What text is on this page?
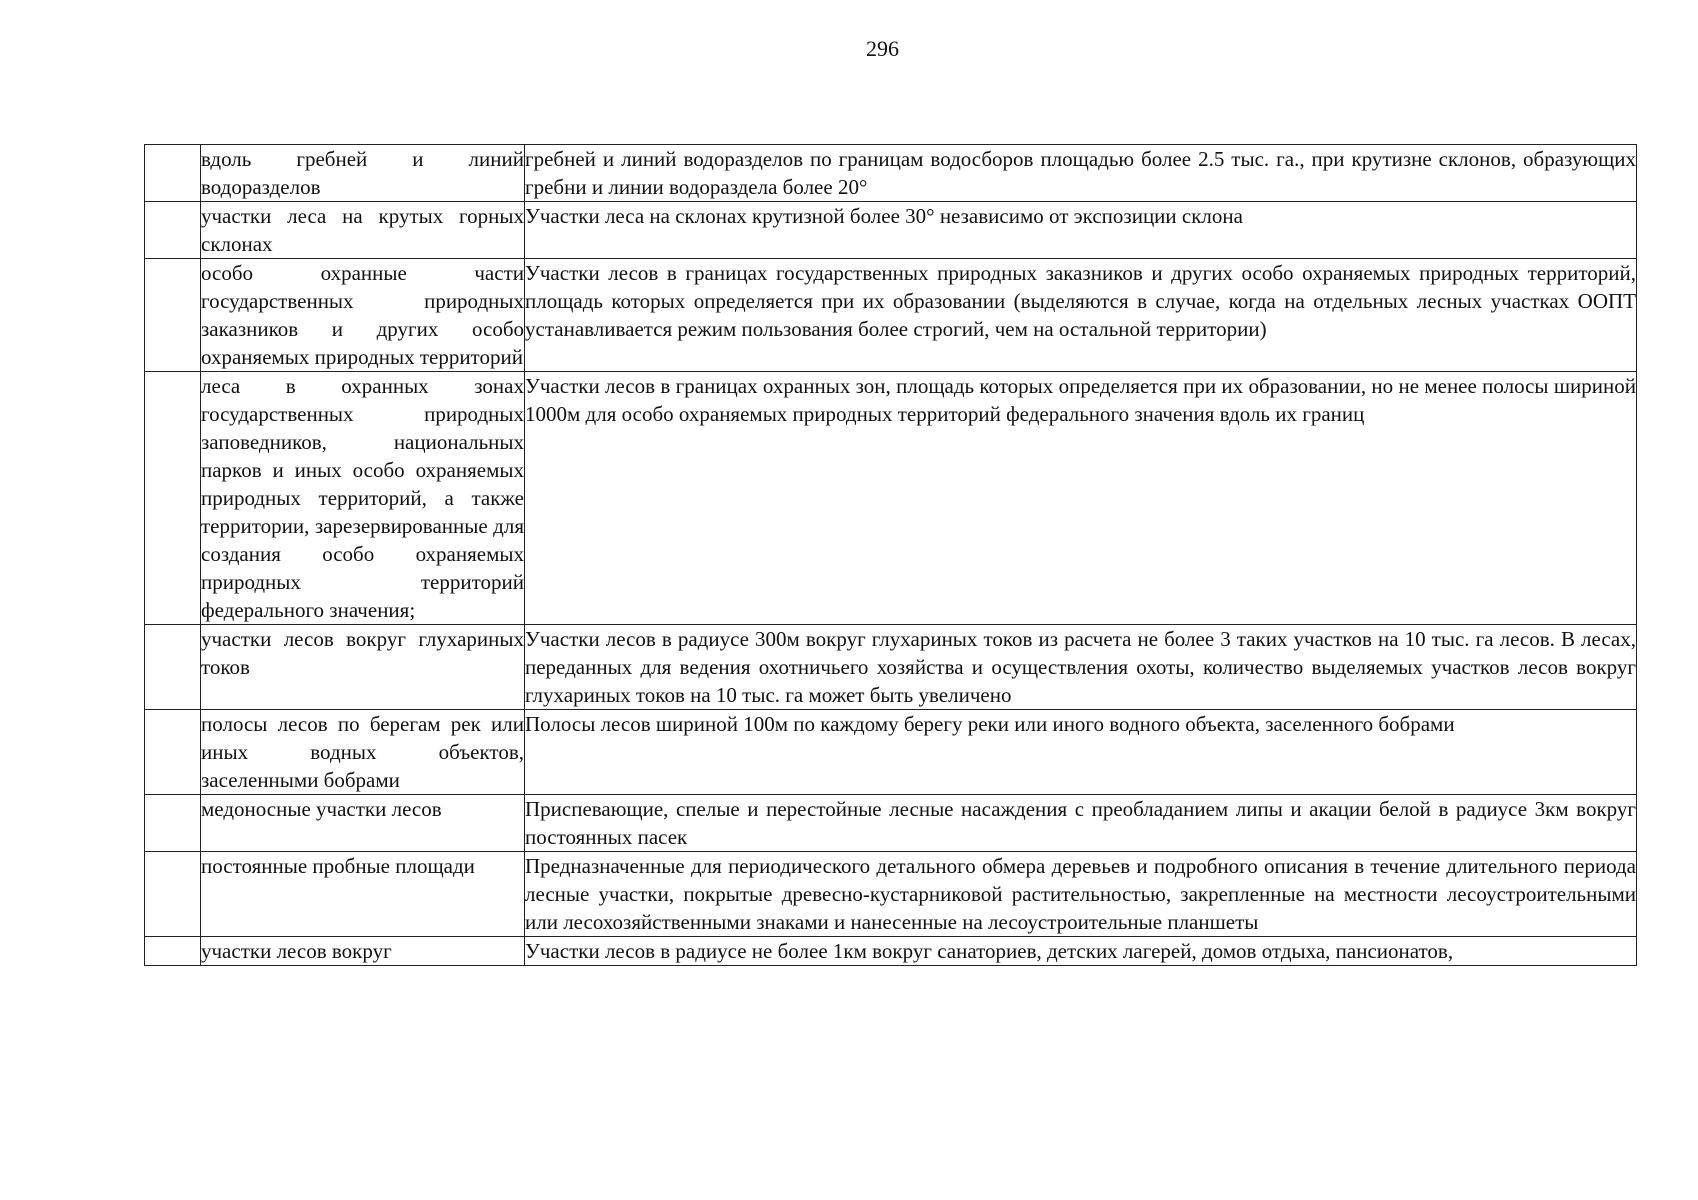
296
	вдоль гребней и линий водоразделов	гребней и линий водоразделов по границам водосборов площадью более 2.5 тыс. га., при крутизне склонов, образующих гребни и линии водораздела более 20°
	участки леса на крутых горных склонах	Участки леса на склонах крутизной более 30° независимо от экспозиции склона
	особо охранные части государственных природных заказников и других особо охраняемых природных территорий	Участки лесов в границах государственных природных заказников и других особо охраняемых природных территорий, площадь которых определяется при их образовании (выделяются в случае, когда на отдельных лесных участках ООПТ устанавливается режим пользования более строгий, чем на остальной территории)
	леса в охранных зонах государственных природных заповедников, национальных парков и иных особо охраняемых природных территорий, а также территории, зарезервированные для создания особо охраняемых природных территорий федерального значения;	Участки лесов в границах охранных зон, площадь которых определяется при их образовании, но не менее полосы шириной 1000м для особо охраняемых природных территорий федерального значения вдоль их границ
	участки лесов вокруг глухариных токов	Участки лесов в радиусе 300м вокруг глухариных токов из расчета не более 3 таких участков на 10 тыс. га лесов. В лесах, переданных для ведения охотничьего хозяйства и осуществления охоты, количество выделяемых участков лесов вокруг глухариных токов на 10 тыс. га может быть увеличено
	полосы лесов по берегам рек или иных водных объектов, заселенными бобрами	Полосы лесов шириной 100м по каждому берегу реки или иного водного объекта, заселенного бобрами
	медоносные участки лесов	Приспевающие, спелые и перестойные лесные насаждения с преобладанием липы и акации белой в радиусе 3км вокруг постоянных пасек
	постоянные пробные площади	Предназначенные для периодического детального обмера деревьев и подробного описания в течение длительного периода лесные участки, покрытые древесно-кустарниковой растительностью, закрепленные на местности лесоустроительными или лесохозяйственными знаками и нанесенные на лесоустроительные планшеты

	участки лесов вокруг	Участки лесов в радиусе не более 1км вокруг санаториев, детских лагерей, домов отдыха, пансионатов,
